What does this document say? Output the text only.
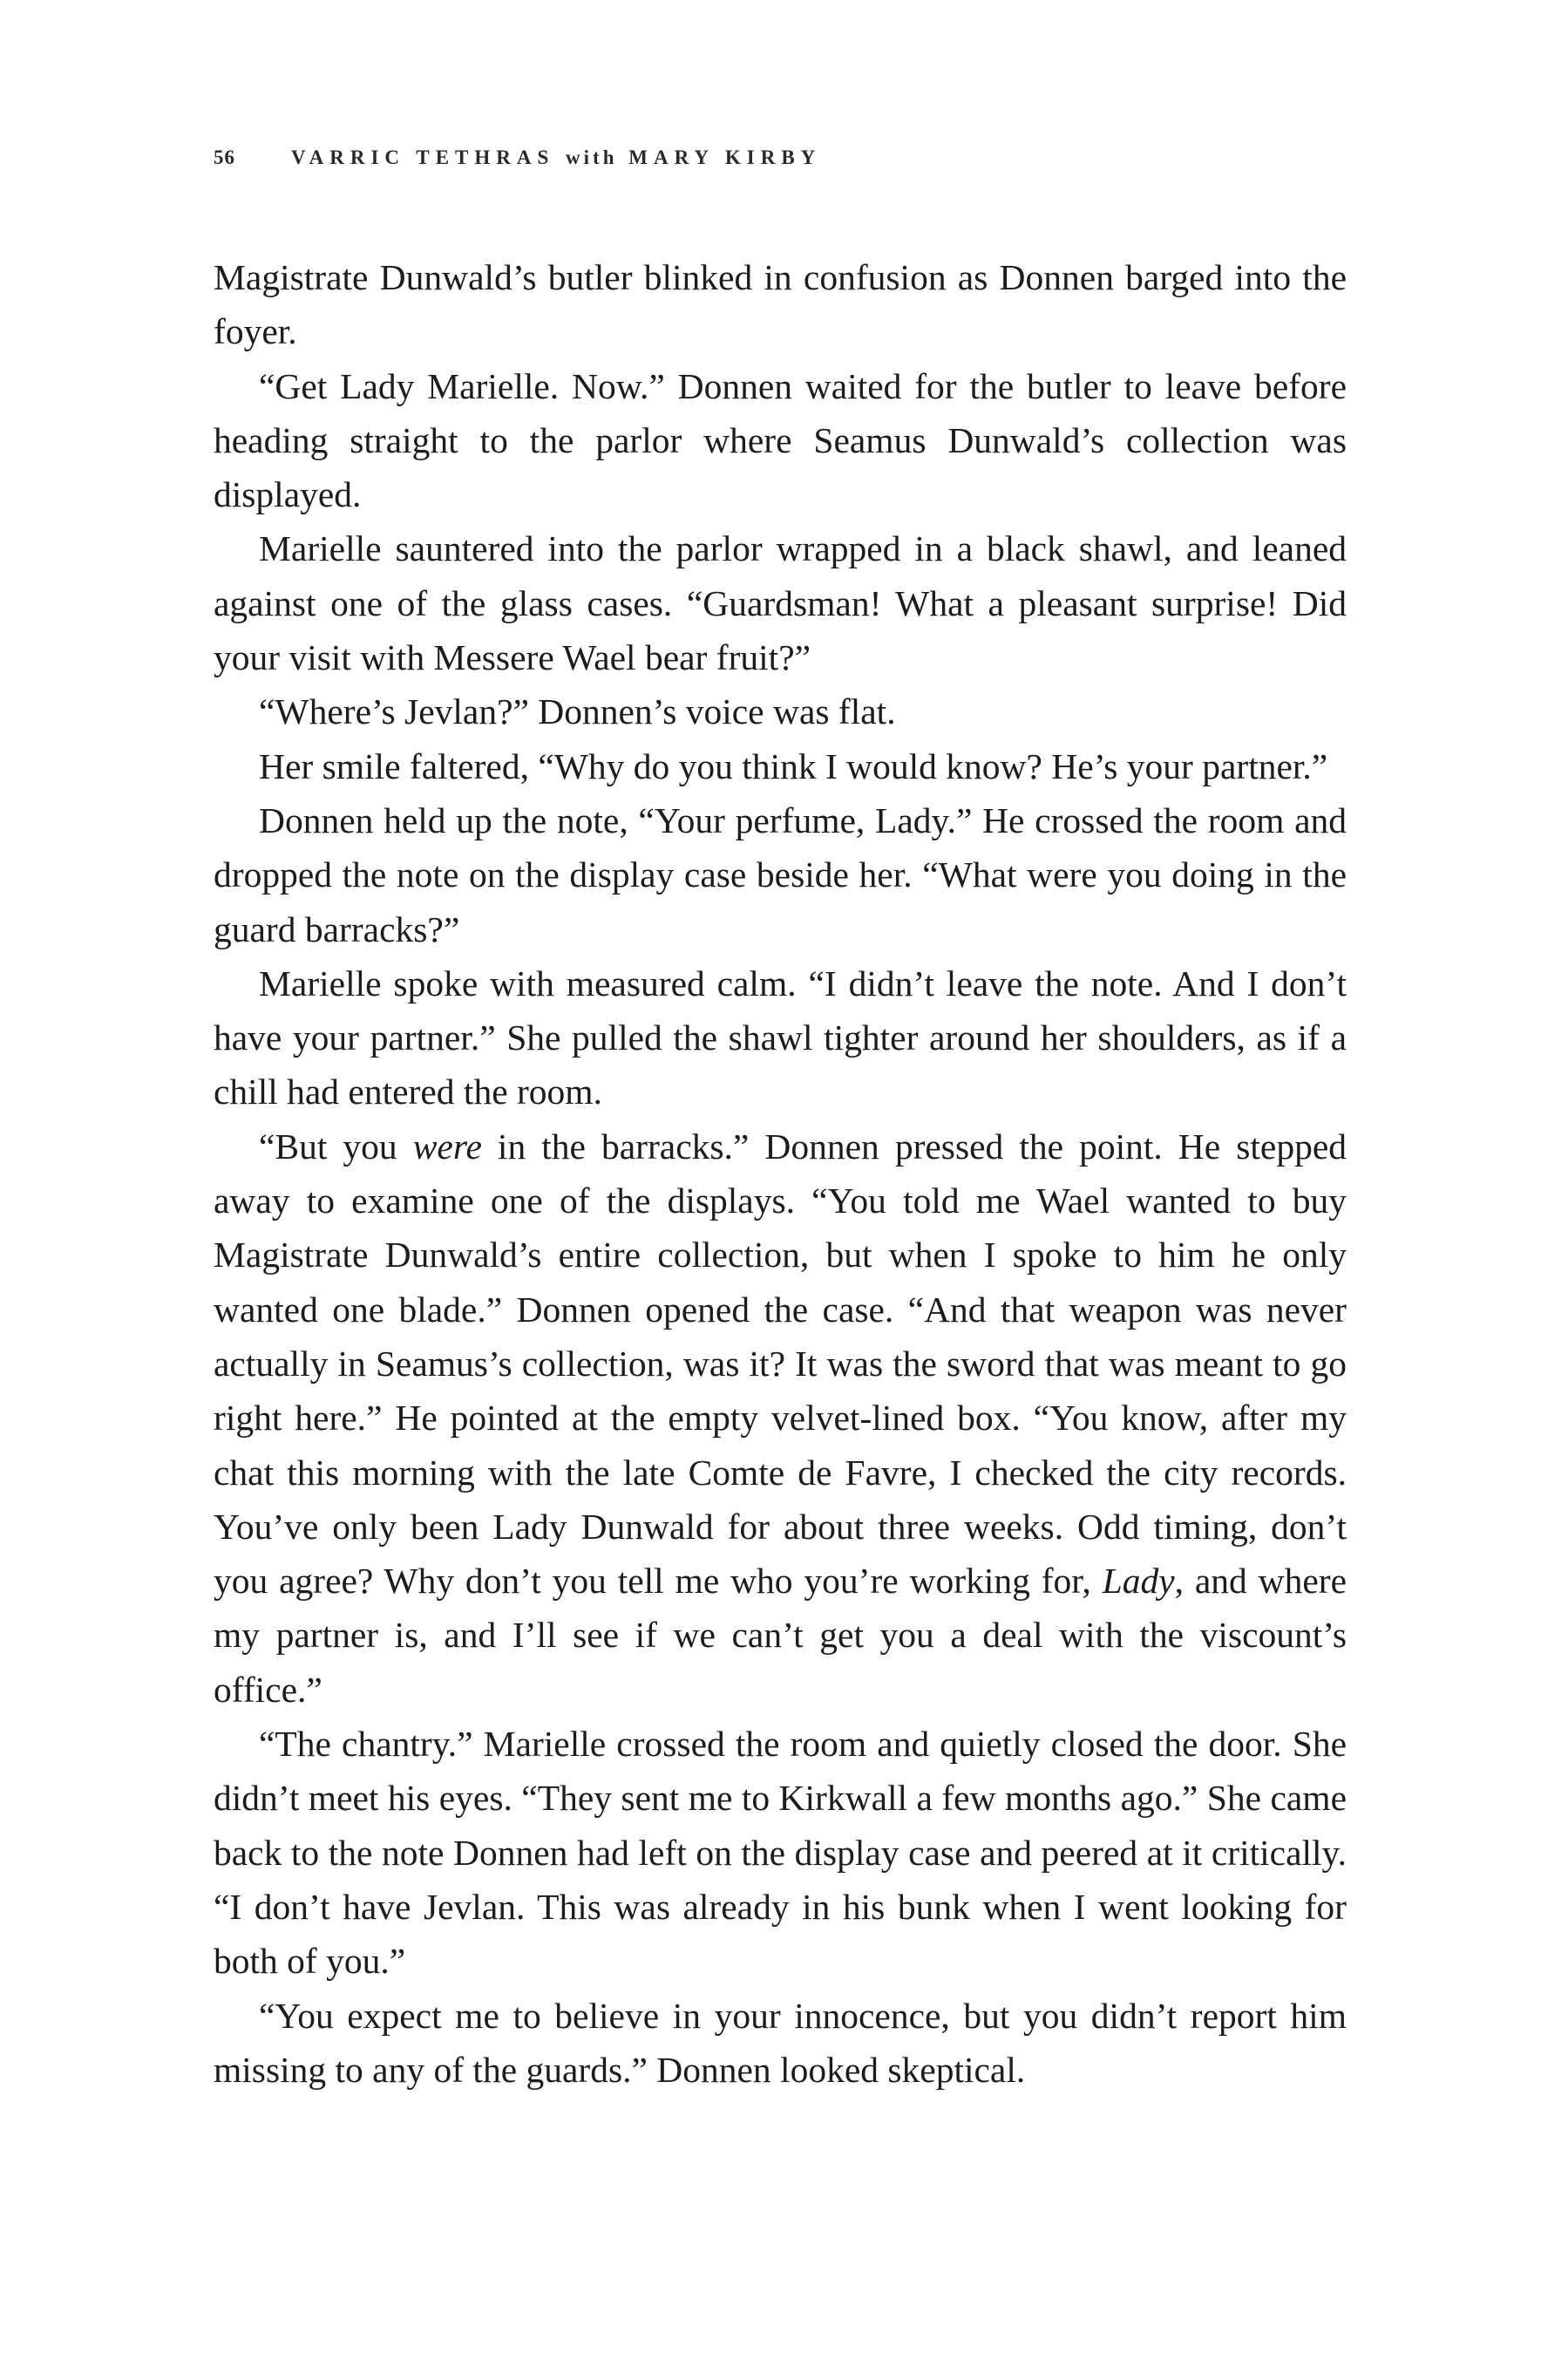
56	VARRIC TETHRAS with MARY KIRBY

Magistrate Dunwald’s butler blinked in confusion as Donnen barged into the foyer.

“Get Lady Marielle. Now.” Donnen waited for the butler to leave before heading straight to the parlor where Seamus Dunwald’s collection was displayed.

Marielle sauntered into the parlor wrapped in a black shawl, and leaned against one of the glass cases. “Guardsman! What a pleasant surprise! Did your visit with Messere Wael bear fruit?”

“Where’s Jevlan?” Donnen’s voice was flat.

Her smile faltered, “Why do you think I would know? He’s your partner.”

Donnen held up the note, “Your perfume, Lady.” He crossed the room and dropped the note on the display case beside her. “What were you doing in the guard barracks?”

Marielle spoke with measured calm. “I didn’t leave the note. And I don’t have your partner.” She pulled the shawl tighter around her shoulders, as if a chill had entered the room.

“But you were in the barracks.” Donnen pressed the point. He stepped away to examine one of the displays. “You told me Wael wanted to buy Magistrate Dunwald’s entire collection, but when I spoke to him he only wanted one blade.” Donnen opened the case. “And that weapon was never actually in Seamus’s collection, was it? It was the sword that was meant to go right here.” He pointed at the empty velvet-lined box. “You know, after my chat this morning with the late Comte de Favre, I checked the city records. You’ve only been Lady Dunwald for about three weeks. Odd timing, don’t you agree? Why don’t you tell me who you’re working for, Lady, and where my partner is, and I’ll see if we can’t get you a deal with the viscount’s office.”

“The chantry.” Marielle crossed the room and quietly closed the door. She didn’t meet his eyes. “They sent me to Kirkwall a few months ago.” She came back to the note Donnen had left on the display case and peered at it critically. “I don’t have Jevlan. This was already in his bunk when I went looking for both of you.”

“You expect me to believe in your innocence, but you didn’t report him missing to any of the guards.” Donnen looked skeptical.
